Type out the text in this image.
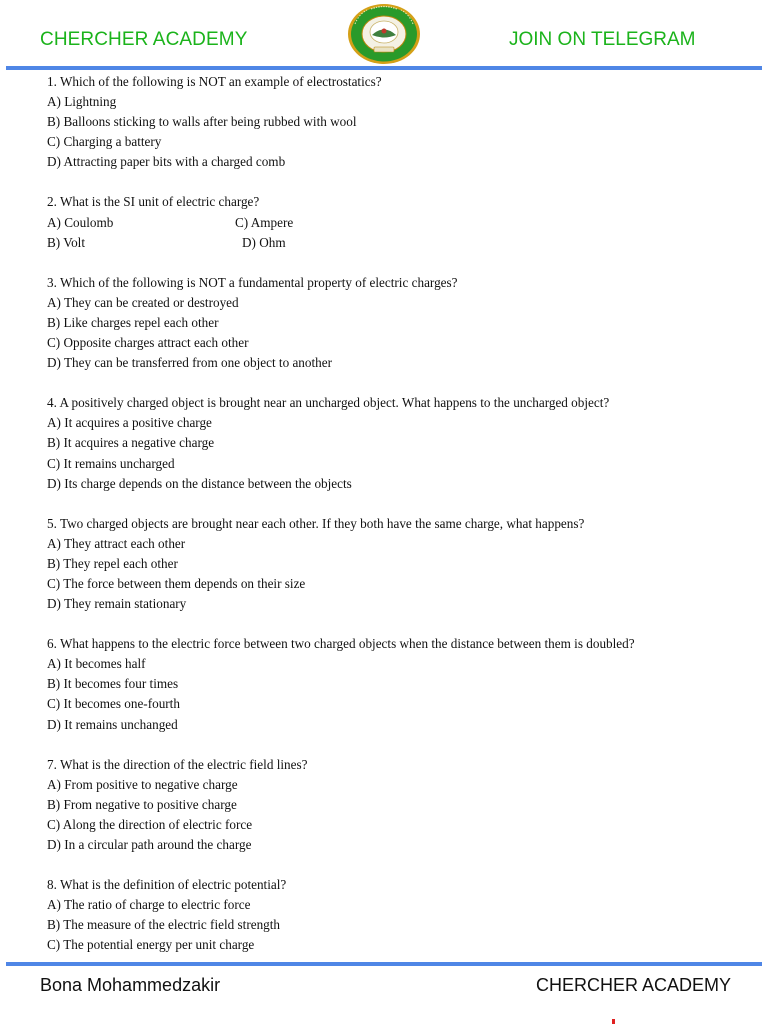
CHERCHER ACADEMY	JOIN ON TELEGRAM
1. Which of the following is NOT an example of electrostatics?
A) Lightning
B) Balloons sticking to walls after being rubbed with wool
C) Charging a battery
D) Attracting paper bits with a charged comb
2. What is the SI unit of electric charge?
A) Coulomb	C) Ampere
B) Volt	D) Ohm
3. Which of the following is NOT a fundamental property of electric charges?
A) They can be created or destroyed
B) Like charges repel each other
C) Opposite charges attract each other
D) They can be transferred from one object to another
4. A positively charged object is brought near an uncharged object. What happens to the uncharged object?
A) It acquires a positive charge
B) It acquires a negative charge
C) It remains uncharged
D) Its charge depends on the distance between the objects
5. Two charged objects are brought near each other. If they both have the same charge, what happens?
A) They attract each other
B) They repel each other
C) The force between them depends on their size
D) They remain stationary
6. What happens to the electric force between two charged objects when the distance between them is doubled?
A) It becomes half
B) It becomes four times
C) It becomes one-fourth
D) It remains unchanged
7. What is the direction of the electric field lines?
A) From positive to negative charge
B) From negative to positive charge
C) Along the direction of electric force
D) In a circular path around the charge
8. What is the definition of electric potential?
A) The ratio of charge to electric force
B) The measure of the electric field strength
C) The potential energy per unit charge
Bona Mohammedzakir	CHERCHER ACADEMY
